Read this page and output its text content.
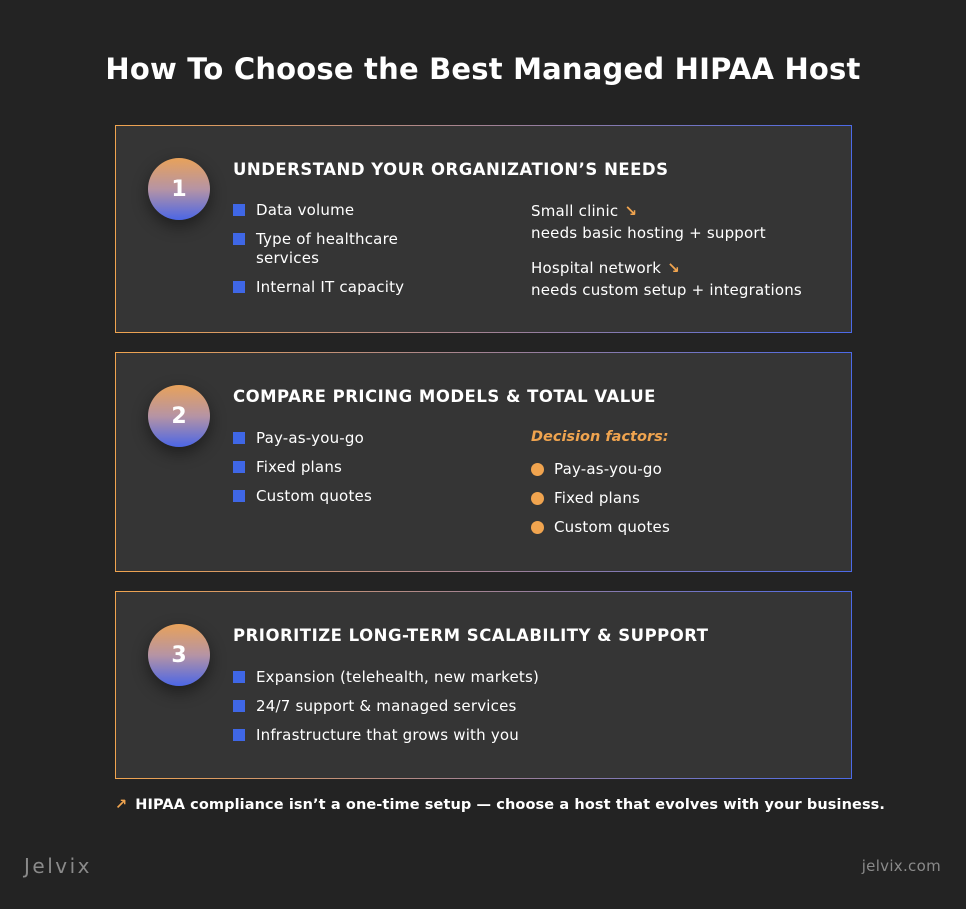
How To Choose the Best Managed HIPAA Host
1
UNDERSTAND YOUR ORGANIZATION’S NEEDS
Data volume
Type of healthcare services
Internal IT capacity
Small clinic ↘
needs basic hosting + support
Hospital network ↘
needs custom setup + integrations
2
COMPARE PRICING MODELS & TOTAL VALUE
Pay-as-you-go
Fixed plans
Custom quotes
Decision factors:
Pay-as-you-go
Fixed plans
Custom quotes
3
PRIORITIZE LONG-TERM SCALABILITY & SUPPORT
Expansion (telehealth, new markets)
24/7 support & managed services
Infrastructure that grows with you
↗ HIPAA compliance isn’t a one-time setup — choose a host that evolves with your business.
Jelvix	jelvix.com
